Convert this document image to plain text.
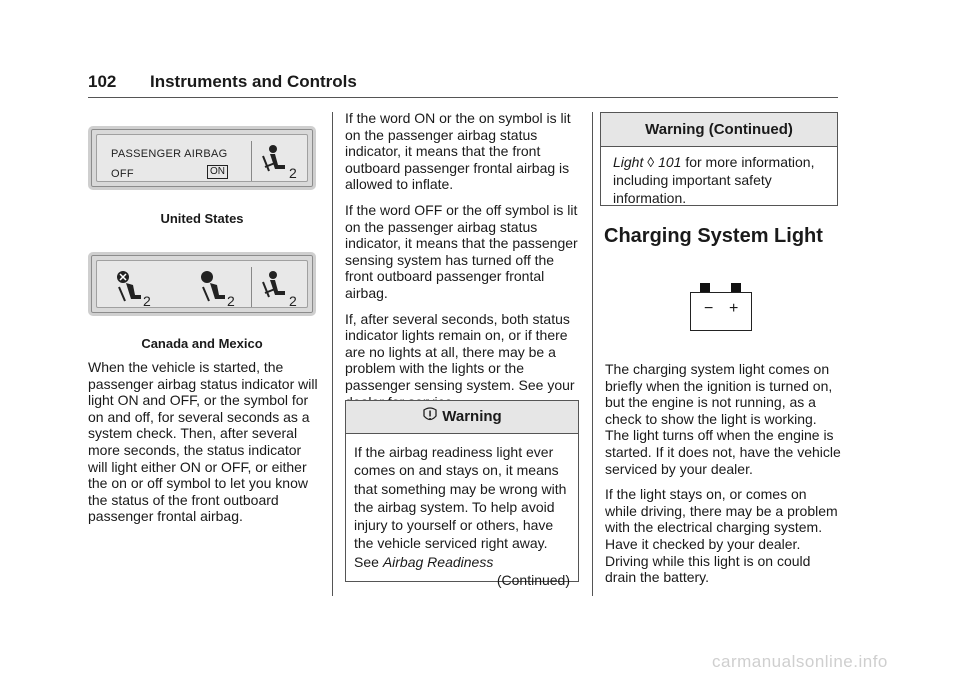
102 Instruments and Controls
PASSENGER AIRBAG
OFF	ON	2
United States
2	2	2
Canada and Mexico

When the vehicle is started, the passenger airbag status indicator will light ON and OFF, or the symbol for on and off, for several seconds as a system check. Then, after several more seconds, the status indicator will light either ON or OFF, or either the on or off symbol to let you know the status of the front outboard passenger frontal airbag.

If the word ON or the on symbol is lit on the passenger airbag status indicator, it means that the front outboard passenger frontal airbag is allowed to inflate.

If the word OFF or the off symbol is lit on the passenger airbag status indicator, it means that the passenger sensing system has turned off the front outboard passenger frontal airbag.

If, after several seconds, both status indicator lights remain on, or if there are no lights at all, there may be a problem with the lights or the passenger sensing system. See your

Warning
If the airbag readiness light ever comes on and stays on, it means that something may be wrong with the airbag system. To help avoid injury to yourself or others, have the vehicle serviced right away. See Airbag Readiness
(Continued)
Warning (Continued)
Light ◊ 101 for more information, including important safety information.
Charging System Light
− +

The charging system light comes on briefly when the ignition is turned on, but the engine is not running, as a check to show the light is working. The light turns off when the engine is started. If it does not, have the vehicle serviced by your dealer.

If the light stays on, or comes on while driving, there may be a problem with the electrical charging system. Have it checked by your dealer. Driving while this light is on could drain the battery.

carmanualsonline.info
